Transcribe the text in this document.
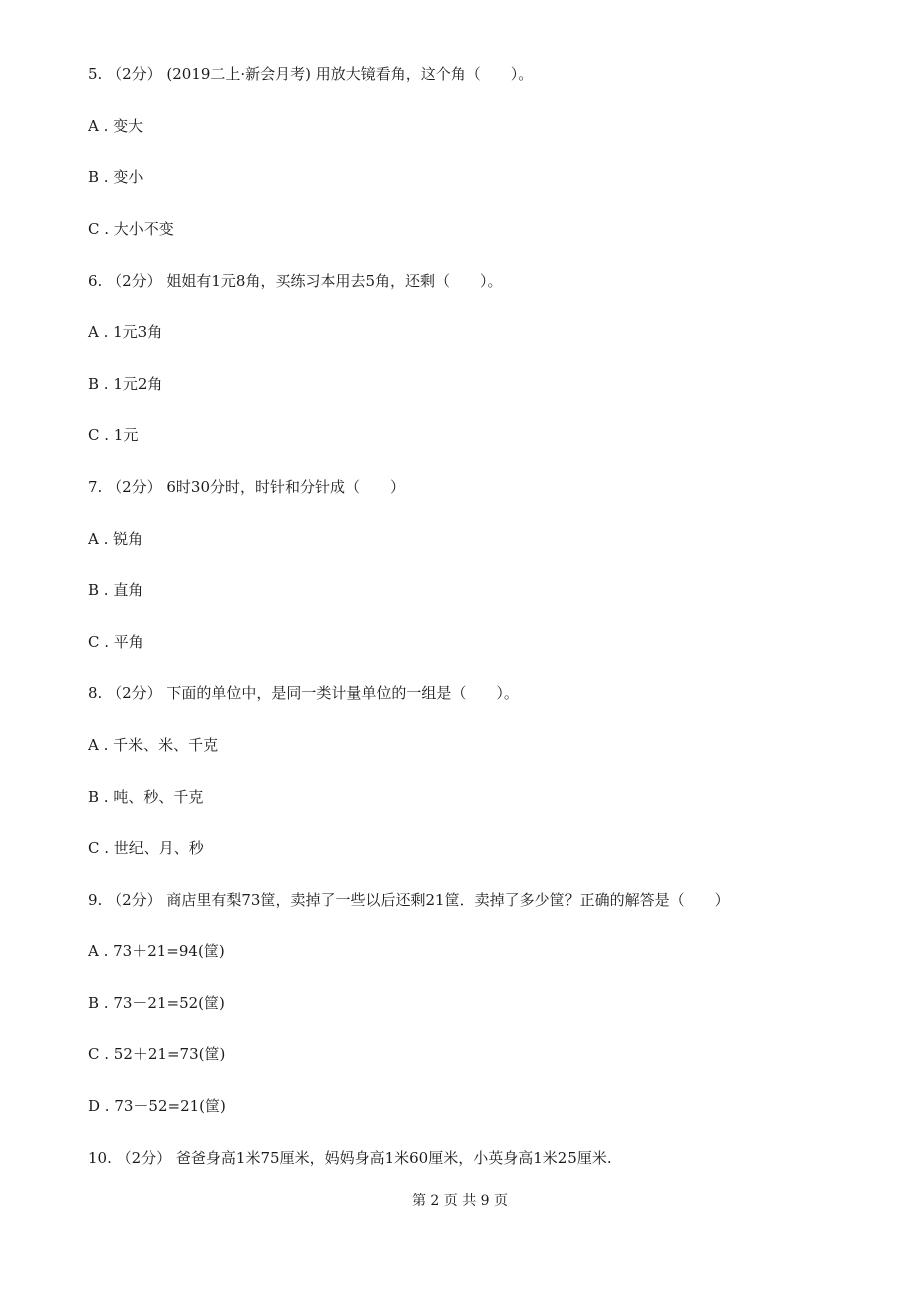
5. （2分） (2019二上·新会月考) 用放大镜看角，这个角（　　）。
A . 变大
B . 变小
C . 大小不变
6. （2分） 姐姐有1元8角，买练习本用去5角，还剩（　　）。
A . 1元3角
B . 1元2角
C . 1元
7. （2分） 6时30分时，时针和分针成（　　）
A . 锐角
B . 直角
C . 平角
8. （2分） 下面的单位中，是同一类计量单位的一组是（　　）。
A . 千米、米、千克
B . 吨、秒、千克
C . 世纪、月、秒
9. （2分） 商店里有梨73筐，卖掉了一些以后还剩21筐．卖掉了多少筐？正确的解答是（　　）
A . 73＋21=94(筐)
B . 73－21=52(筐)
C . 52＋21=73(筐)
D . 73－52=21(筐)
10. （2分） 爸爸身高1米75厘米，妈妈身高1米60厘米，小英身高1米25厘米.
第 2 页 共 9 页
